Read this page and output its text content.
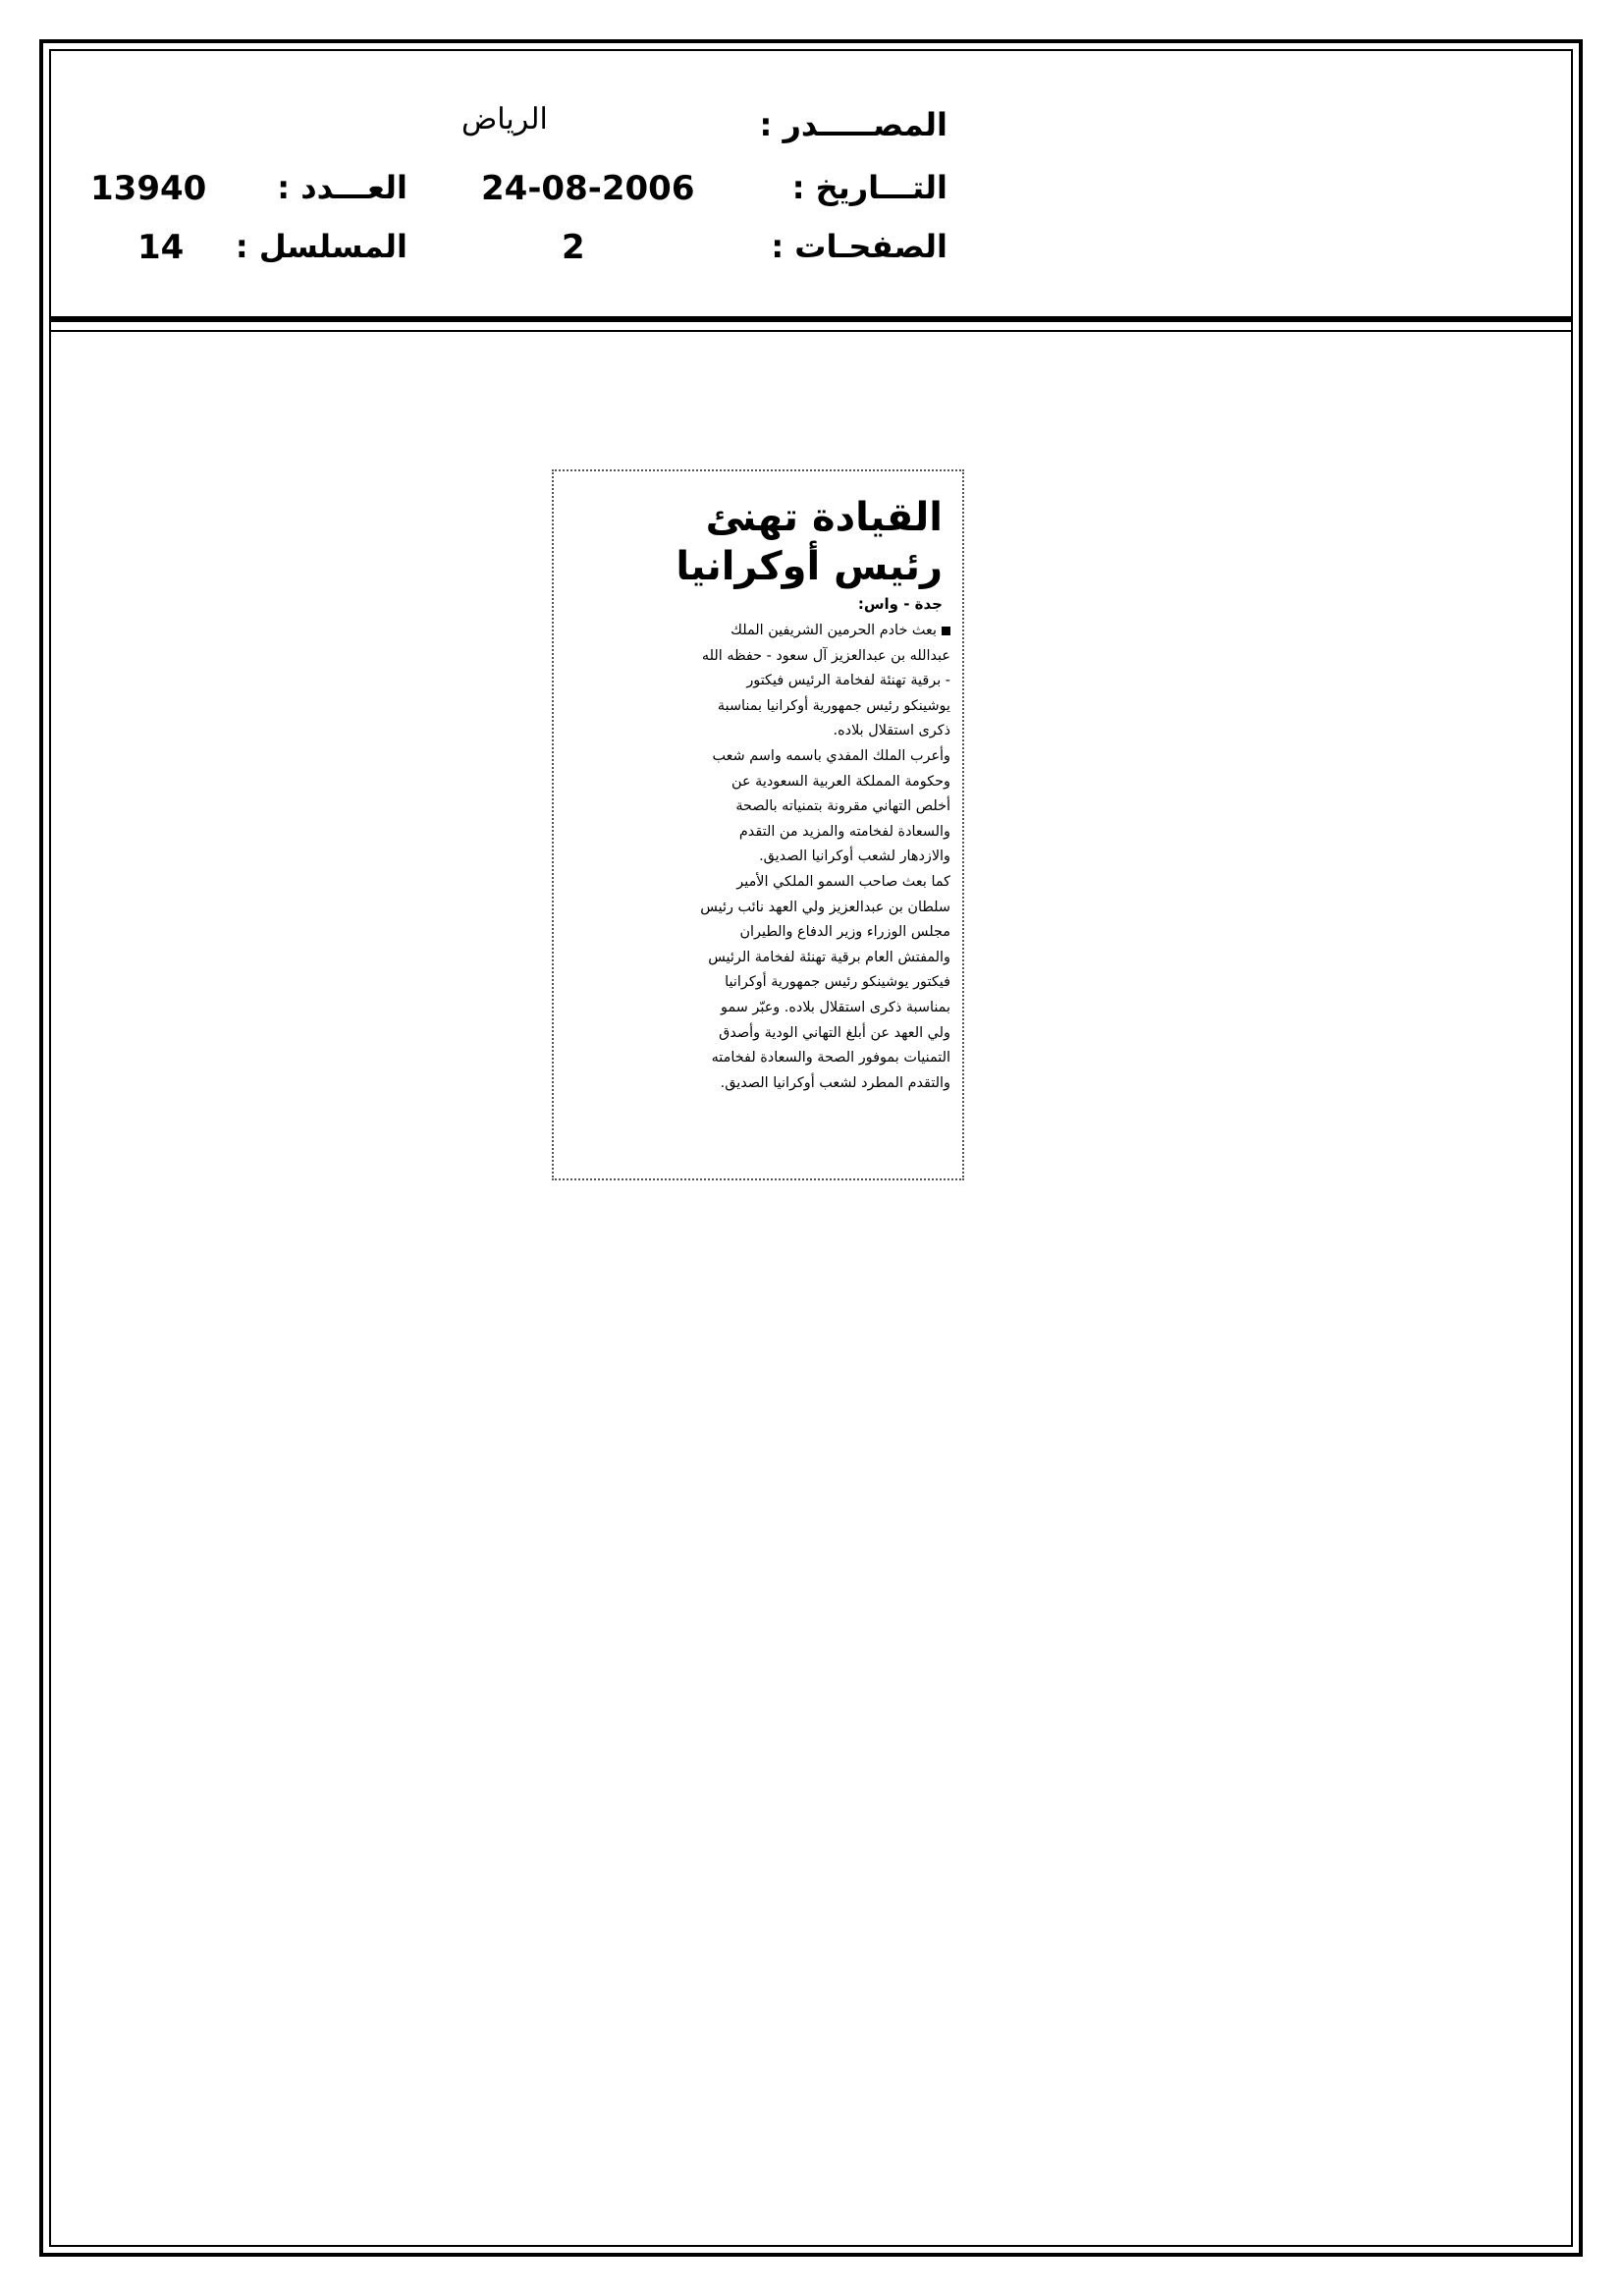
المصـــــدر :
الرياض
التـــاريخ :
24-08-2006
العـــدد :
13940
الصفحـات :
2
المسلسل :
14
القيادة تهنئ
رئيس أوكرانيا
جدة - واس:
بعث خادم الحرمين الشريفين الملك
عبدالله بن عبدالعزيز آل سعود - حفظه الله
- برقية تهنئة لفخامة الرئيس فيكتور
يوشينكو رئيس جمهورية أوكرانيا بمناسبة
ذكرى استقلال بلاده.
وأعرب الملك المفدي باسمه واسم شعب
وحكومة المملكة العربية السعودية عن
أخلص التهاني مقرونة بتمنياته بالصحة
والسعادة لفخامته والمزيد من التقدم
والازدهار لشعب أوكرانيا الصديق.
كما بعث صاحب السمو الملكي الأمير
سلطان بن عبدالعزيز ولي العهد نائب رئيس
مجلس الوزراء وزير الدفاع والطيران
والمفتش العام برقية تهنئة لفخامة الرئيس
فيكتور يوشينكو رئيس جمهورية أوكرانيا
بمناسبة ذكرى استقلال بلاده. وعبّر سمو
ولي العهد عن أبلغ التهاني الودية وأصدق
التمنيات بموفور الصحة والسعادة لفخامته
والتقدم المطرد لشعب أوكرانيا الصديق.
